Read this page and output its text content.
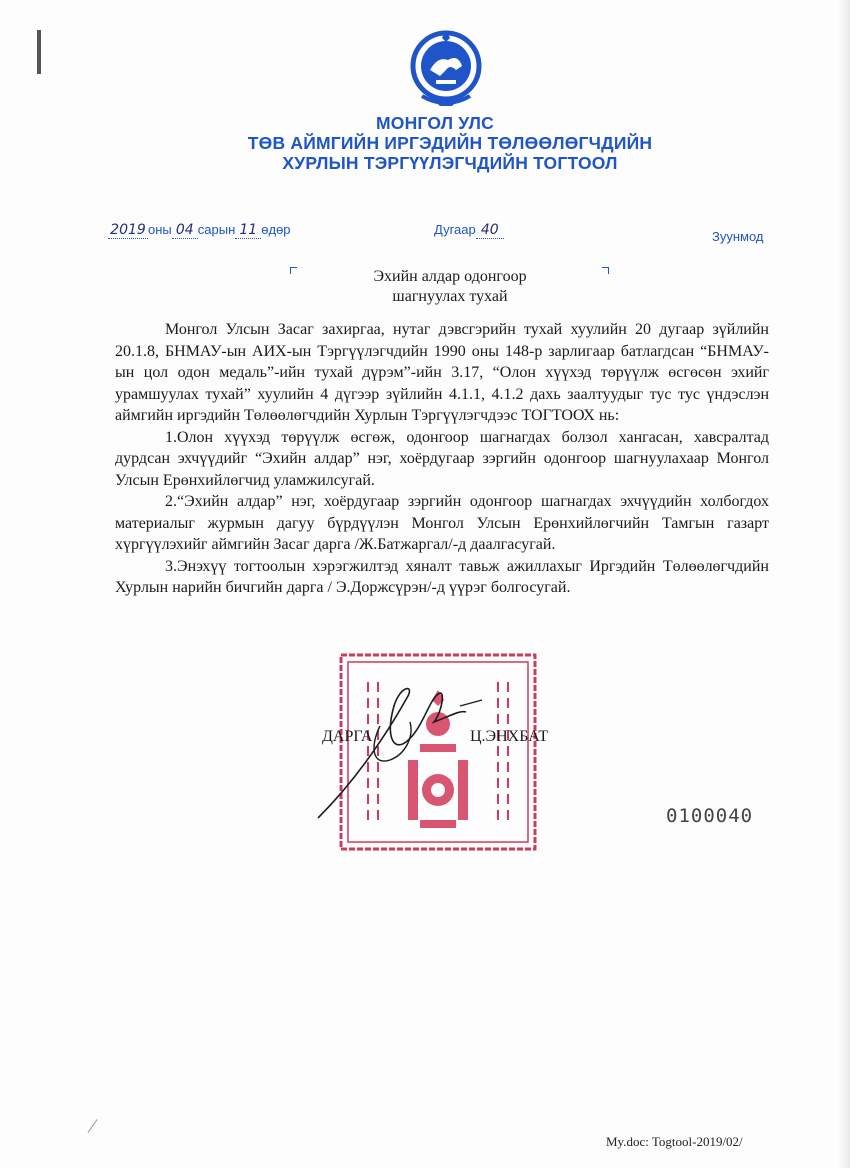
МОНГОЛ УЛС
ТӨВ АЙМГИЙН ИРГЭДИЙН ТӨЛӨӨЛӨГЧДИЙН
ХУРЛЫН ТЭРГҮҮЛЭГЧДИЙН ТОГТООЛ
2019 оны 04 сарын 11 өдөр	Дугаар 40	Зуунмод
Эхийн алдар одонгоор
шагнуулах тухай

Монгол Улсын Засаг захиргаа, нутаг дэвсгэрийн тухай хуулийн 20 дугаар зүйлийн 20.1.8, БНМАУ-ын АИХ-ын Тэргүүлэгчдийн 1990 оны 148-р зарлигаар батлагдсан “БНМАУ-ын цол одон медаль”-ийн тухай дүрэм”-ийн 3.17, “Олон хүүхэд төрүүлж өсгөсөн эхийг урамшуулах тухай” хуулийн 4 дүгээр зүйлийн 4.1.1, 4.1.2 дахь заалтуудыг тус тус үндэслэн аймгийн иргэдийн Төлөөлөгчдийн Хурлын Тэргүүлэгчдээс ТОГТООХ нь:

1.Олон хүүхэд төрүүлж өсгөж, одонгоор шагнагдах болзол хангасан, хавсралтад дурдсан эхчүүдийг “Эхийн алдар” нэг, хоёрдугаар зэргийн одонгоор шагнуулахаар Монгол Улсын Ерөнхийлөгчид уламжилсугай.

2.“Эхийн алдар” нэг, хоёрдугаар зэргийн одонгоор шагнагдах эхчүүдийн холбогдох материалыг журмын дагуу бүрдүүлэн Монгол Улсын Ерөнхийлөгчийн Тамгын газарт хүргүүлэхийг аймгийн Засаг дарга /Ж.Батжаргал/-д даалгасугай.

3.Энэхүү тогтоолын хэрэгжилтэд хяналт тавьж ажиллахыг Иргэдийн Төлөөлөгчдийн Хурлын нарийн бичгийн дарга / Э.Доржсүрэн/-д үүрэг болгосугай.

ДАРГА	Ц.ЭНХБАТ
0100040
My.doc: Togtool-2019/02/
